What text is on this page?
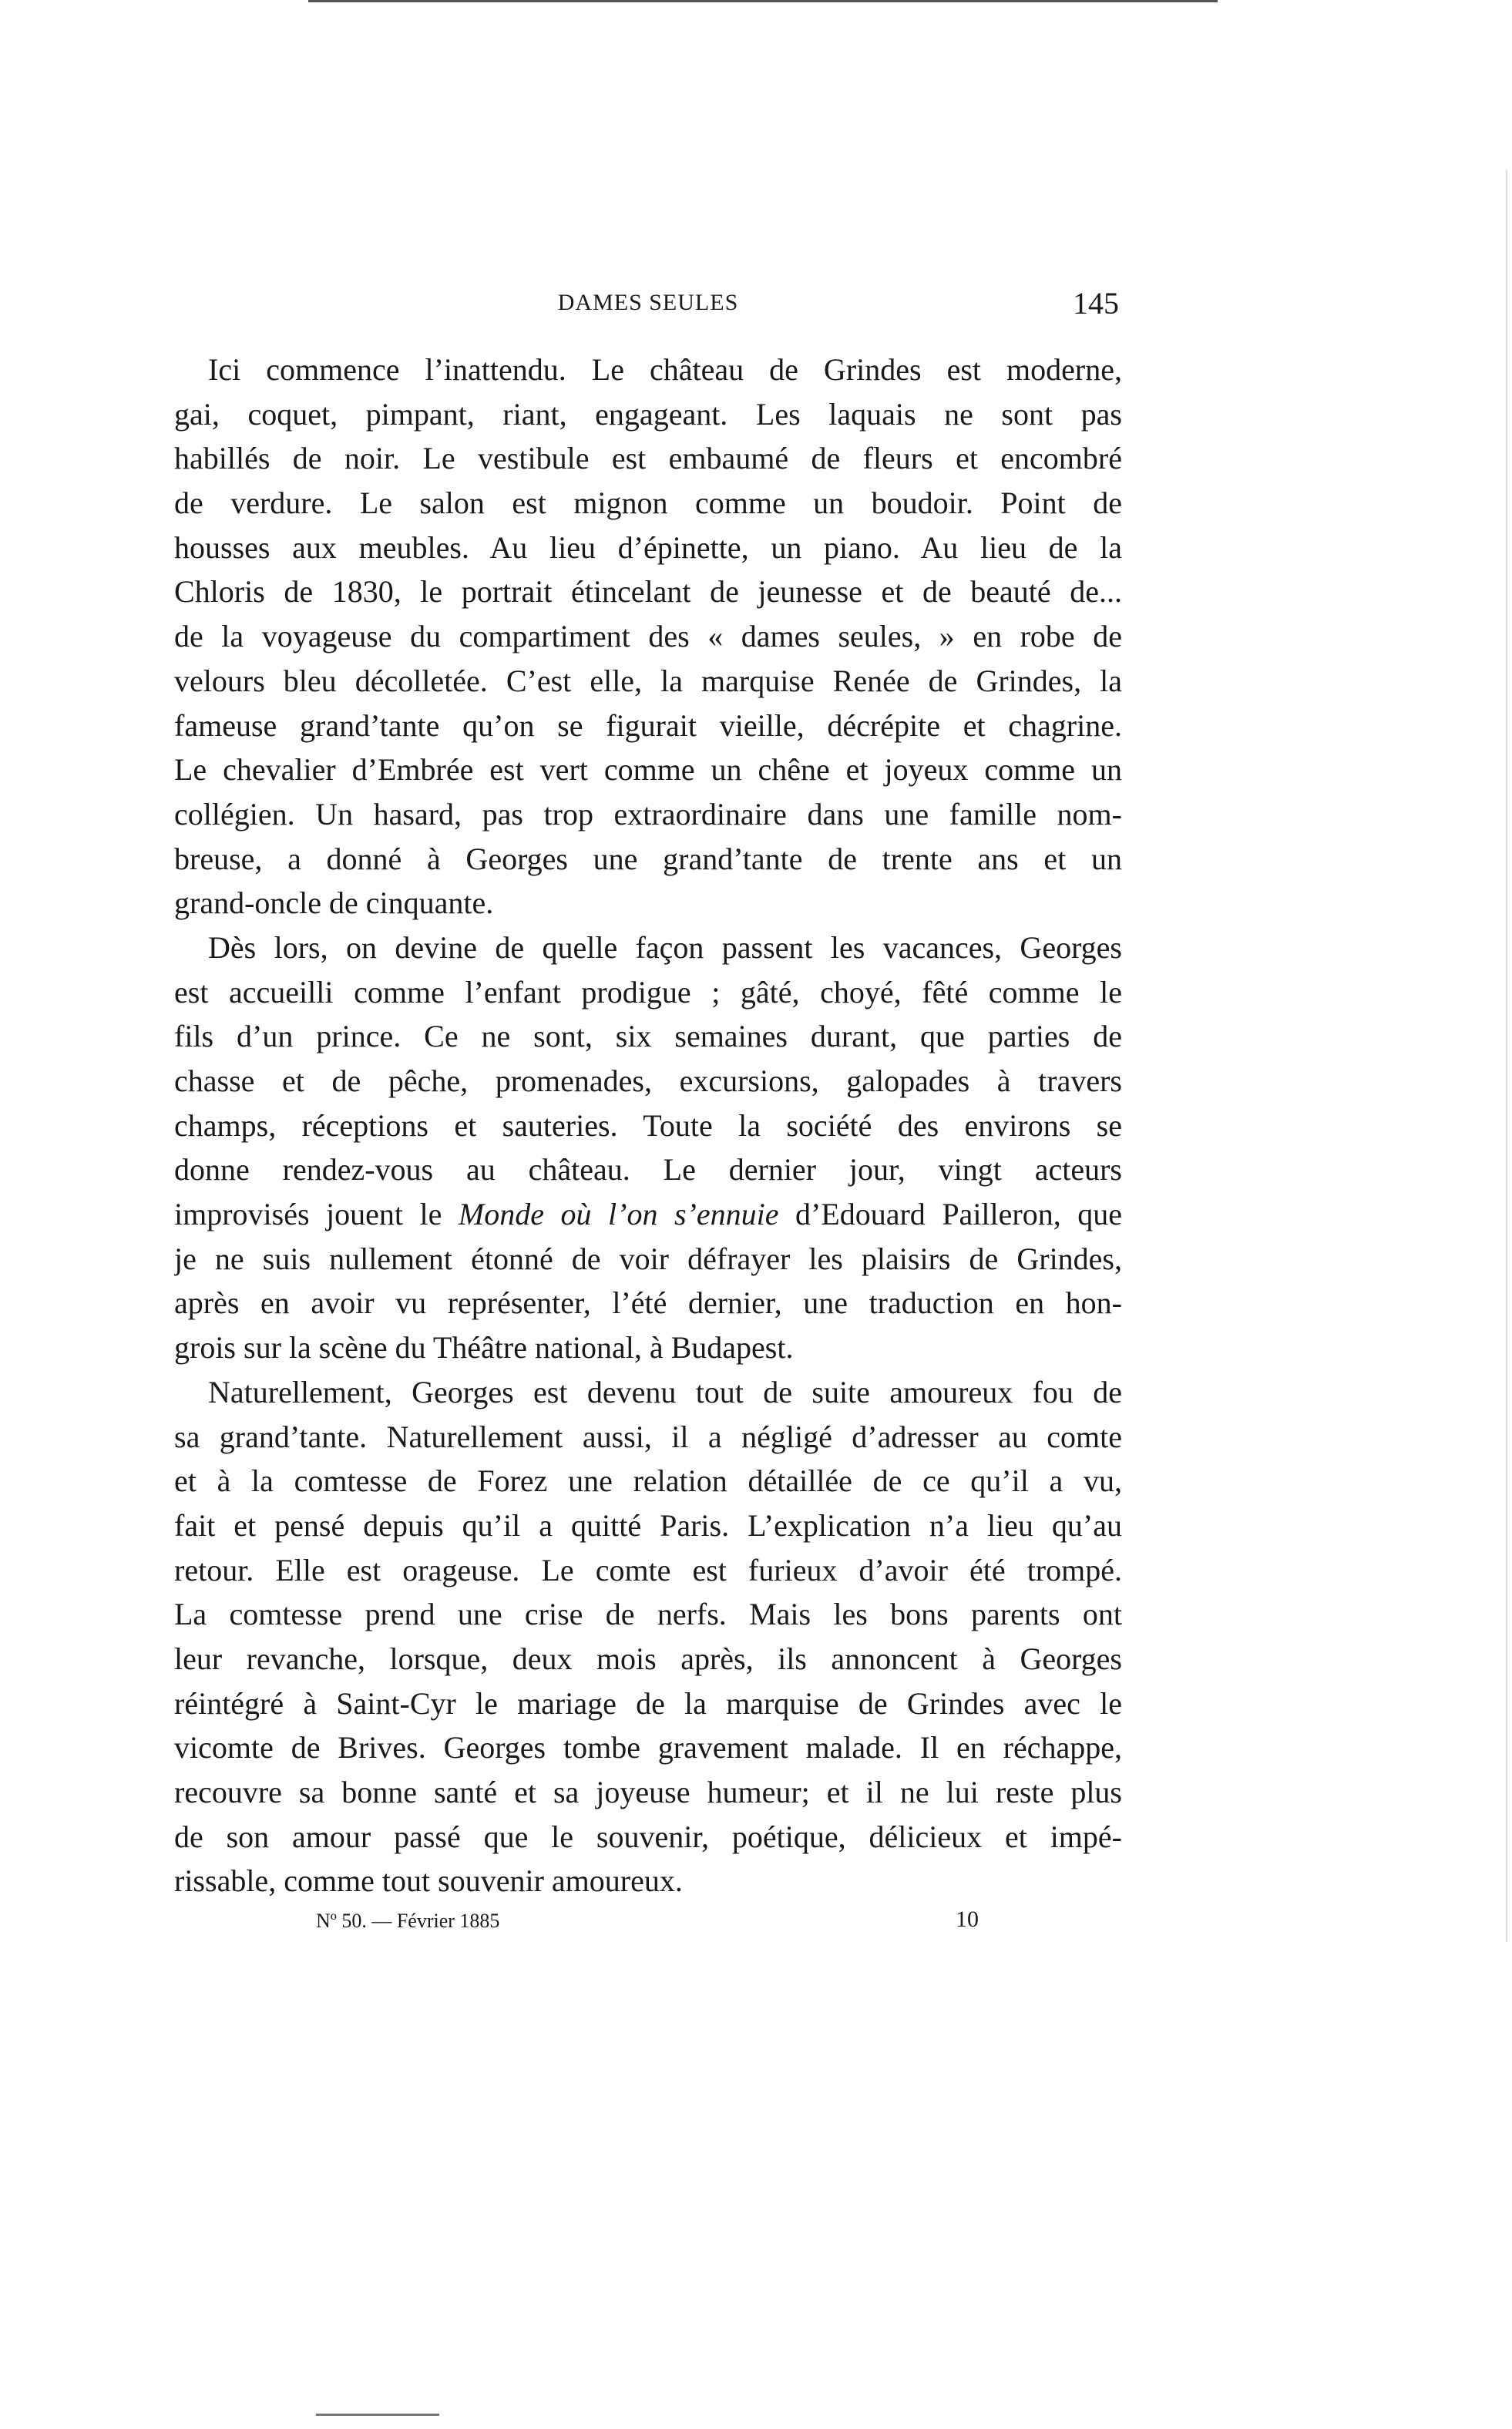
DAMES SEULES	145
Ici commence l’inattendu. Le château de Grindes est moderne,
gai, coquet, pimpant, riant, engageant. Les laquais ne sont pas
habillés de noir. Le vestibule est embaumé de fleurs et encombré
de verdure. Le salon est mignon comme un boudoir. Point de
housses aux meubles. Au lieu d’épinette, un piano. Au lieu de la
Chloris de 1830, le portrait étincelant de jeunesse et de beauté de...
de la voyageuse du compartiment des « dames seules, » en robe de
velours bleu décolletée. C’est elle, la marquise Renée de Grindes, la
fameuse grand’tante qu’on se figurait vieille, décrépite et chagrine.
Le chevalier d’Embrée est vert comme un chêne et joyeux comme un
collégien. Un hasard, pas trop extraordinaire dans une famille nom-
breuse, a donné à Georges une grand’tante de trente ans et un
grand-oncle de cinquante.
Dès lors, on devine de quelle façon passent les vacances, Georges
est accueilli comme l’enfant prodigue ; gâté, choyé, fêté comme le
fils d’un prince. Ce ne sont, six semaines durant, que parties de
chasse et de pêche, promenades, excursions, galopades à travers
champs, réceptions et sauteries. Toute la société des environs se
donne rendez-vous au château. Le dernier jour, vingt acteurs
improvisés jouent le Monde où l’on s’ennuie d’Edouard Pailleron, que
je ne suis nullement étonné de voir défrayer les plaisirs de Grindes,
après en avoir vu représenter, l’été dernier, une traduction en hon-
grois sur la scène du Théâtre national, à Budapest.
Naturellement, Georges est devenu tout de suite amoureux fou de
sa grand’tante. Naturellement aussi, il a négligé d’adresser au comte
et à la comtesse de Forez une relation détaillée de ce qu’il a vu,
fait et pensé depuis qu’il a quitté Paris. L’explication n’a lieu qu’au
retour. Elle est orageuse. Le comte est furieux d’avoir été trompé.
La comtesse prend une crise de nerfs. Mais les bons parents ont
leur revanche, lorsque, deux mois après, ils annoncent à Georges
réintégré à Saint-Cyr le mariage de la marquise de Grindes avec le
vicomte de Brives. Georges tombe gravement malade. Il en réchappe,
recouvre sa bonne santé et sa joyeuse humeur; et il ne lui reste plus
de son amour passé que le souvenir, poétique, délicieux et impé-
rissable, comme tout souvenir amoureux.
Nº 50. — Février 1885	10
